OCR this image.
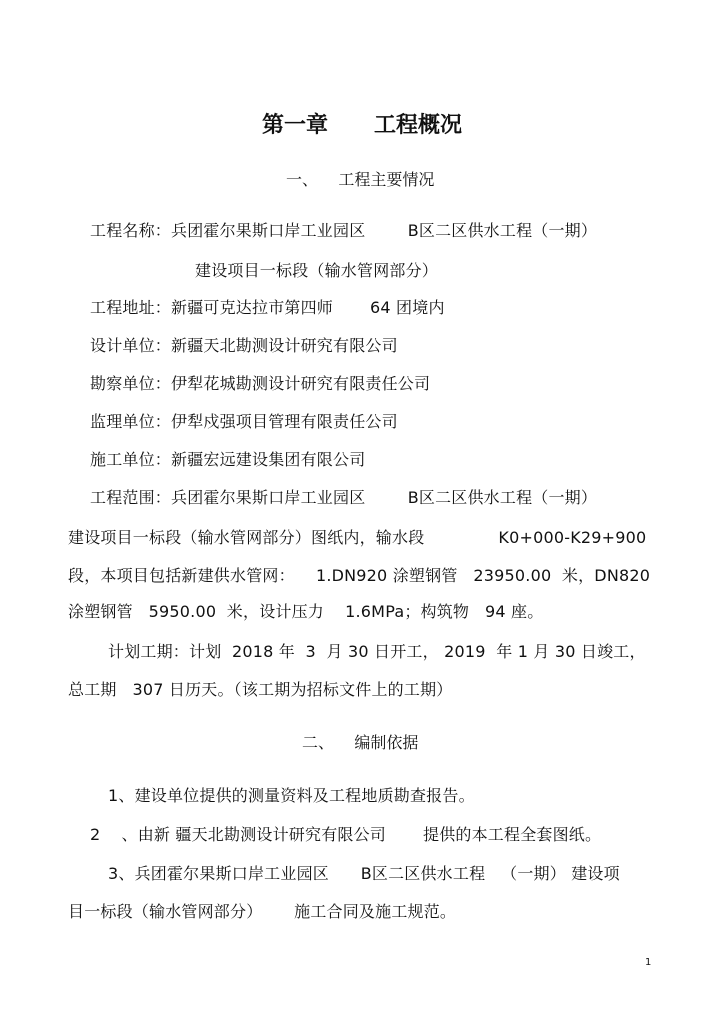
第一章      工程概况
一、    工程主要情况
工程名称：兵团霍尔果斯口岸工业园区        B区二区供水工程（一期）
建设项目一标段（输水管网部分）
工程地址：新疆可克达拉市第四师       64 团境内
设计单位：新疆天北勘测设计研究有限公司
勘察单位：伊犁花城勘测设计研究有限责任公司
监理单位：伊犁戍强项目管理有限责任公司
施工单位：新疆宏远建设集团有限公司
工程范围：兵团霍尔果斯口岸工业园区        B区二区供水工程（一期）
建设项目一标段（输水管网部分）图纸内，输水段              K0+000-K29+900
段，本项目包括新建供水管网：    1.DN920 涂塑钢管   23950.00  米，DN820
涂塑钢管   5950.00  米，设计压力    1.6MPa；构筑物   94 座。
计划工期：计划  2018 年  3  月 30 日开工， 2019  年 1 月 30 日竣工，
总工期   307 日历天。（该工期为招标文件上的工期）
二、    编制依据
1、建设单位提供的测量资料及工程地质勘查报告。
2    、由新 疆天北勘测设计研究有限公司       提供的本工程全套图纸。
3、兵团霍尔果斯口岸工业园区      B区二区供水工程   （一期） 建设项
目一标段（输水管网部分）      施工合同及施工规范。
1
